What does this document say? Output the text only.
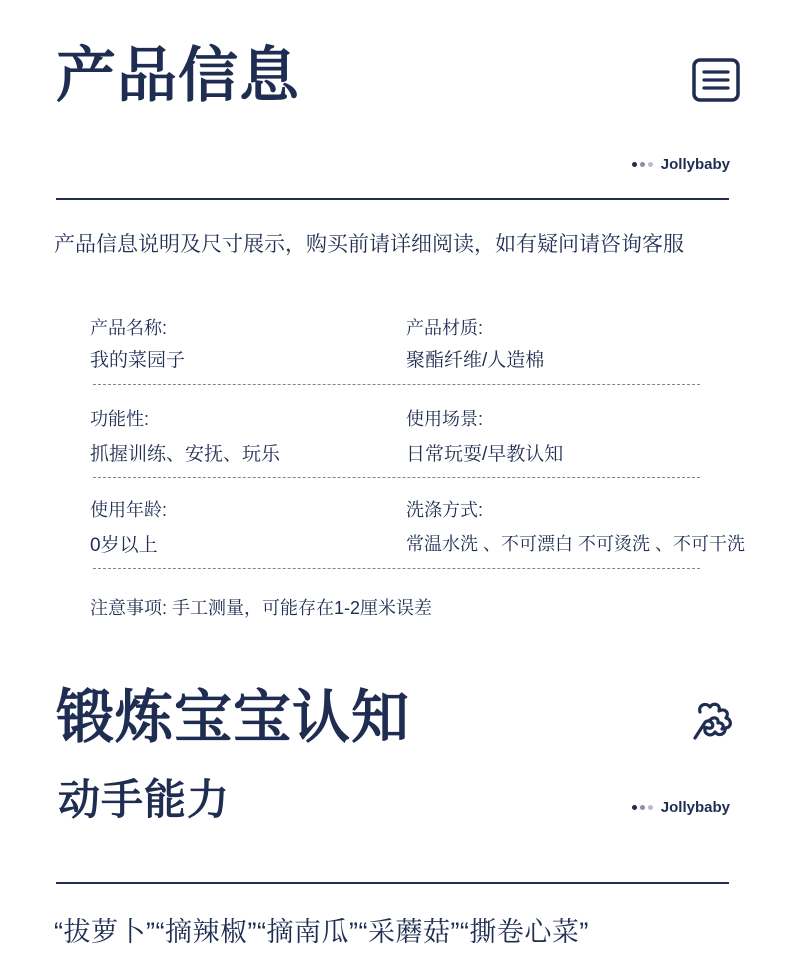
产品信息
Jollybaby
产品信息说明及尺寸展示，购买前请详细阅读，如有疑问请咨询客服
产品名称:
我的菜园子
产品材质:
聚酯纤维/人造棉
功能性:
抓握训练、安抚、玩乐
使用场景:
日常玩耍/早教认知
使用年龄:
0岁以上
洗涤方式:
常温水洗 、不可漂白 不可烫洗 、不可干洗
注意事项: 手工测量，可能存在1-2厘米误差
锻炼宝宝认知
动手能力	Jollybaby
“拔萝卜”“摘辣椒”“摘南瓜”“采蘑菇”“撕卷心菜”
